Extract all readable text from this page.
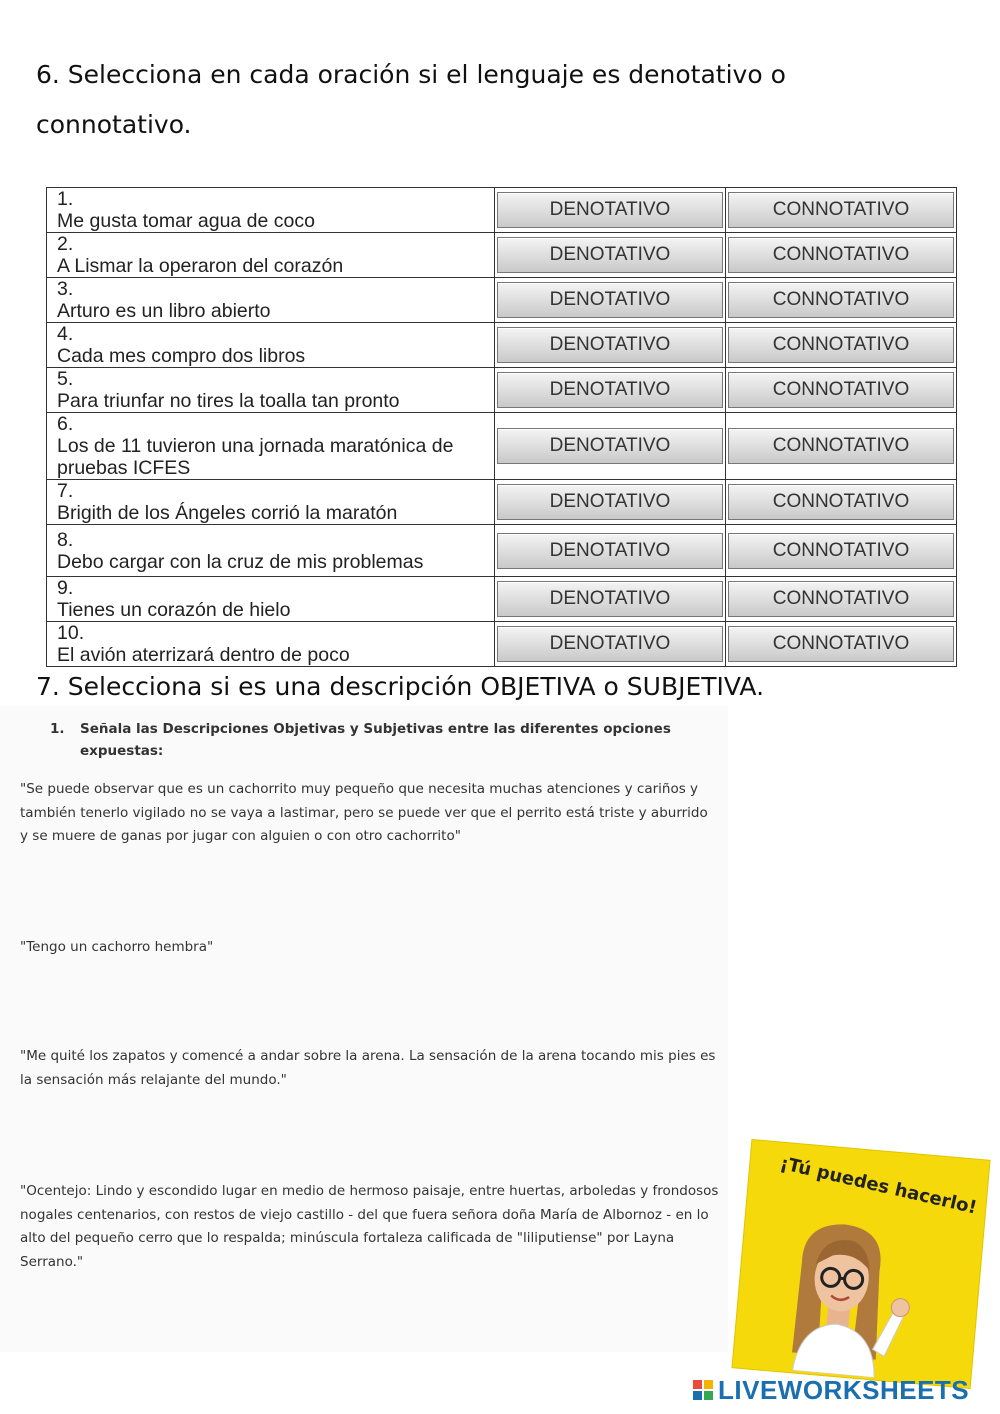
6. Selecciona en cada oración si el lenguaje es denotativo o connotativo.
1.Me gusta tomar agua de coco	DENOTATIVO	CONNOTATIVO

2.A Lismar la operaron del corazón	DENOTATIVO	CONNOTATIVO

3.Arturo es un libro abierto	DENOTATIVO	CONNOTATIVO

4.Cada mes compro dos libros	DENOTATIVO	CONNOTATIVO

5.Para triunfar no tires la toalla tan pronto	DENOTATIVO	CONNOTATIVO

6.Los de 11 tuvieron una jornada maratónica de pruebas ICFES	DENOTATIVO	CONNOTATIVO

7.Brigith de los Ángeles corrió la maratón	DENOTATIVO	CONNOTATIVO

8.Debo cargar con la cruz de mis problemas	DENOTATIVO	CONNOTATIVO

9.Tienes un corazón de hielo	DENOTATIVO	CONNOTATIVO

10.El avión aterrizará dentro de poco	DENOTATIVO	CONNOTATIVO
7. Selecciona si es una descripción OBJETIVA o SUBJETIVA.
1. Señala las Descripciones Objetivas y Subjetivas entre las diferentes opciones expuestas:

"Se puede observar que es un cachorrito muy pequeño que necesita muchas atenciones y cariños y también tenerlo vigilado no se vaya a lastimar, pero se puede ver que el perrito está triste y aburrido y se muere de ganas por jugar con alguien o con otro cachorrito"

"Tengo un cachorro hembra"

"Me quité los zapatos y comencé a andar sobre la arena. La sensación de la arena tocando mis pies es la sensación más relajante del mundo."

"Ocentejo: Lindo y escondido lugar en medio de hermoso paisaje, entre huertas, arboledas y frondosos nogales centenarios, con restos de viejo castillo - del que fuera señora doña María de Albornoz - en lo alto del pequeño cerro que lo respalda; minúscula fortaleza calificada de "liliputiense" por Layna Serrano."

¡Tú puedes hacerlo!
LIVEWORKSHEETS
